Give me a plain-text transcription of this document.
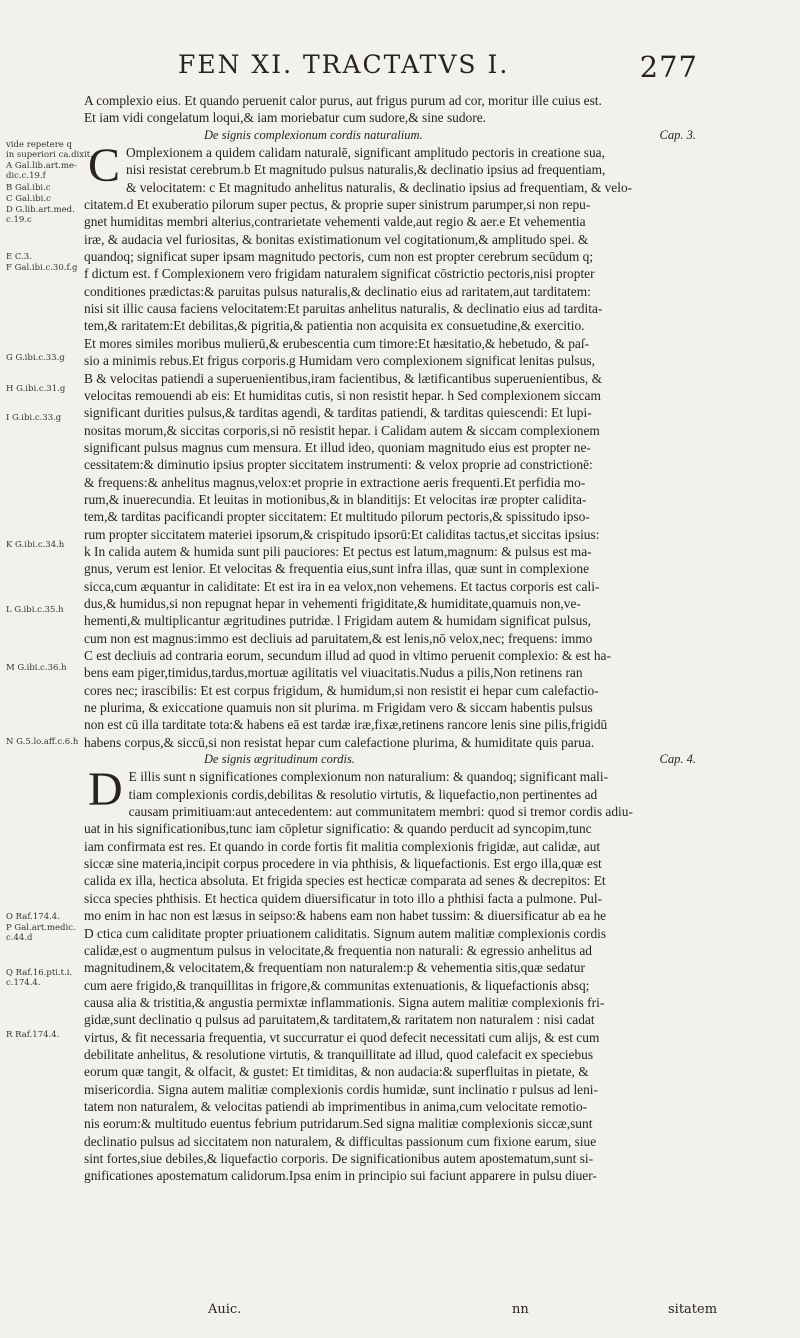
FEN XI. TRACTATVS I.	277
vide repetere q
in superiori ca.dixit.
A Gal.lib.art.me-
dic.c.19.f
B Gal.ibi.c
C Gal.ibi.c
D G.lib.art.med.
c.19.c
E C.3.
F Gal.ibi.c.30.f.g
G G.ibi.c.33.g
H G.ibi.c.31.g
I G.ibi.c.33.g
K G.ibi.c.34.h
L G.ibi.c.35.h
M G.ibi.c.36.h
N G.5.lo.aff.c.6.h
O Raf.174.4.
P Gal.art.medic.
c.44.d
Q Raf.16.pti.t.i.
c.174.4.
R Raf.174.4.
A complexio eius. Et quando peruenit calor purus, aut frigus purum ad cor, moritur ille cuius est.
Et iam vidi congelatum loqui,& iam moriebatur cum sudore,& sine sudore.
De signis complexionum cordis naturalium.	Cap. 3.
C Omplexionem a quidem calidam naturalē, significant amplitudo pectoris in creatione sua,
nisi resistat cerebrum.b Et magnitudo pulsus naturalis,& declinatio ipsius ad frequentiam,
& velocitatem: c Et magnitudo anhelitus naturalis, & declinatio ipsius ad frequentiam, & velo-
citatem.d Et exuberatio pilorum super pectus, & proprie super sinistrum parumper,si non repu-
gnet humiditas membri alterius,contrarietate vehementi valde,aut regio & aer.e Et vehementia
iræ, & audacia vel furiositas, & bonitas existimationum vel cogitationum,& amplitudo spei. &
quandoq; significat super ipsam magnitudo pectoris, cum non est propter cerebrum secūdum q;
f dictum est. f Complexionem vero frigidam naturalem significat cōstrictio pectoris,nisi propter
conditiones prædictas:& paruitas pulsus naturalis,& declinatio eius ad raritatem,aut tarditatem:
nisi sit illic causa faciens velocitatem:Et paruitas anhelitus naturalis, & declinatio eius ad tardita-
tem,& raritatem:Et debilitas,& pigritia,& patientia non acquisita ex consuetudine,& exercitio.
Et mores similes moribus mulierū,& erubescentia cum timore:Et hæsitatio,& hebetudo, & paſ-
sio a minimis rebus.Et frigus corporis.g Humidam vero complexionem significat lenitas pulsus,
B & velocitas patiendi a superuenientibus,iram facientibus, & lætificantibus superuenientibus, &
velocitas remouendi ab eis: Et humiditas cutis, si non resistit hepar. h Sed complexionem siccam
significant durities pulsus,& tarditas agendi, & tarditas patiendi, & tarditas quiescendi: Et lupi-
nositas morum,& siccitas corporis,si nō resistit hepar. i Calidam autem & siccam complexionem
significant pulsus magnus cum mensura. Et illud ideo, quoniam magnitudo eius est propter ne-
cessitatem:& diminutio ipsius propter siccitatem instrumenti: & velox proprie ad constrictionē:
& frequens:& anhelitus magnus,velox:et proprie in extractione aeris frequenti.Et perfidia mo-
rum,& inuerecundia. Et leuitas in motionibus,& in blanditijs: Et velocitas iræ propter calidita-
tem,& tarditas pacificandi propter siccitatem: Et multitudo pilorum pectoris,& spissitudo ipso-
rum propter siccitatem materiei ipsorum,& crispitudo ipsorū:Et caliditas tactus,et siccitas ipsius:
k In calida autem & humida sunt pili pauciores: Et pectus est latum,magnum: & pulsus est ma-
gnus, verum est lenior. Et velocitas & frequentia eius,sunt infra illas, quæ sunt in complexione
sicca,cum æquantur in caliditate: Et est ira in ea velox,non vehemens. Et tactus corporis est cali-
dus,& humidus,si non repugnat hepar in vehementi frigiditate,& humiditate,quamuis non,ve-
hementi,& multiplicantur ægritudines putridæ. l Frigidam autem & humidam significat pulsus,
cum non est magnus:immo est decliuis ad paruitatem,& est lenis,nō velox,nec; frequens: immo
C est decliuis ad contraria eorum, secundum illud ad quod in vltimo peruenit complexio: & est ha-
bens eam piger,timidus,tardus,mortuæ agilitatis vel viuacitatis.Nudus a pilis,Non retinens ran
cores nec; irascibilis: Et est corpus frigidum, & humidum,si non resistit ei hepar cum calefactio-
ne plurima, & exiccatione quamuis non sit plurima. m Frigidam vero & siccam habentis pulsus
non est cū illa tarditate tota:& habens eā est tardæ iræ,fixæ,retinens rancore lenis sine pilis,frigidū
habens corpus,& siccū,si non resistat hepar cum calefactione plurima, & humiditate quis parua.
De signis ægritudinum cordis.	Cap. 4.
D E illis sunt n significationes complexionum non naturalium: & quandoq; significant mali-
tiam complexionis cordis,debilitas & resolutio virtutis, & liquefactio,non pertinentes ad
causam primitiuam:aut antecedentem: aut communitatem membri: quod si tremor cordis adiu-
uat in his significationibus,tunc iam cōpletur significatio: & quando perducit ad syncopim,tunc
iam confirmata est res. Et quando in corde fortis fit malitia complexionis frigidæ, aut calidæ, aut
siccæ sine materia,incipit corpus procedere in via phthisis, & liquefactionis. Est ergo illa,quæ est
calida ex illa, hectica absoluta. Et frigida species est hecticæ comparata ad senes & decrepitos: Et
sicca species phthisis. Et hectica quidem diuersificatur in toto illo a phthisi facta a pulmone. Pul-
mo enim in hac non est læsus in seipso:& habens eam non habet tussim: & diuersificatur ab ea he
D ctica cum caliditate propter priuationem caliditatis. Signum autem malitiæ complexionis cordis
calidæ,est o augmentum pulsus in velocitate,& frequentia non naturali: & egressio anhelitus ad
magnitudinem,& velocitatem,& frequentiam non naturalem:p & vehementia sitis,quæ sedatur
cum aere frigido,& tranquillitas in frigore,& communitas extenuationis, & liquefactionis absq;
causa alia & tristitia,& angustia permixtæ inflammationis. Signa autem malitiæ complexionis fri-
gidæ,sunt declinatio q pulsus ad paruitatem,& tarditatem,& raritatem non naturalem : nisi cadat
virtus, & fit necessaria frequentia, vt succurratur ei quod defecit necessitati cum alijs, & est cum
debilitate anhelitus, & resolutione virtutis, & tranquillitate ad illud, quod calefacit ex speciebus
eorum quæ tangit, & olfacit, & gustet: Et timiditas, & non audacia:& superfluitas in pietate, &
misericordia. Signa autem malitiæ complexionis cordis humidæ, sunt inclinatio r pulsus ad leni-
tatem non naturalem, & velocitas patiendi ab imprimentibus in anima,cum velocitate remotio-
nis eorum:& multitudo euentus febrium putridarum.Sed signa malitiæ complexionis siccæ,sunt
declinatio pulsus ad siccitatem non naturalem, & difficultas passionum cum fixione earum, siue
sint fortes,siue debiles,& liquefactio corporis. De significationibus autem apostematum,sunt si-
gnificationes apostematum calidorum.Ipsa enim in principio sui faciunt apparere in pulsu diuer-
Auic.	nn	sitatem
